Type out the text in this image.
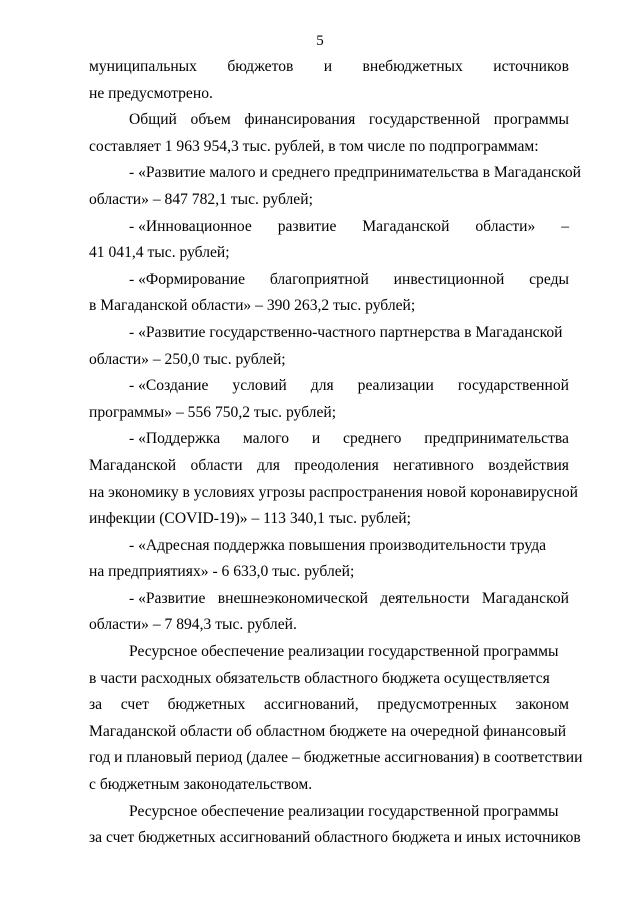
5
муниципальных бюджетов и внебюджетных источников
не предусмотрено.
Общий объем финансирования государственной программы
составляет 1 963 954,3 тыс. рублей, в том числе по подпрограммам:
- «Развитие малого и среднего предпринимательства в Магаданской
области» – 847 782,1 тыс. рублей;
- «Инновационное развитие Магаданской области» –
41 041,4 тыс. рублей;
- «Формирование благоприятной инвестиционной среды
в Магаданской области» – 390 263,2 тыс. рублей;
- «Развитие государственно-частного партнерства в Магаданской
области» – 250,0 тыс. рублей;
- «Создание условий для реализации государственной
программы» – 556 750,2 тыс. рублей;
- «Поддержка малого и среднего предпринимательства
Магаданской области для преодоления негативного воздействия
на экономику в условиях угрозы распространения новой коронавирусной
инфекции (COVID-19)» – 113 340,1 тыс. рублей;
- «Адресная поддержка повышения производительности труда
на предприятиях» - 6 633,0 тыс. рублей;
- «Развитие внешнеэкономической деятельности Магаданской
области» – 7 894,3 тыс. рублей.
Ресурсное обеспечение реализации государственной программы
в части расходных обязательств областного бюджета осуществляется
за счет бюджетных ассигнований, предусмотренных законом
Магаданской области об областном бюджете на очередной финансовый
год и плановый период (далее – бюджетные ассигнования) в соответствии
с бюджетным законодательством.
Ресурсное обеспечение реализации государственной программы
за счет бюджетных ассигнований областного бюджета и иных источников
